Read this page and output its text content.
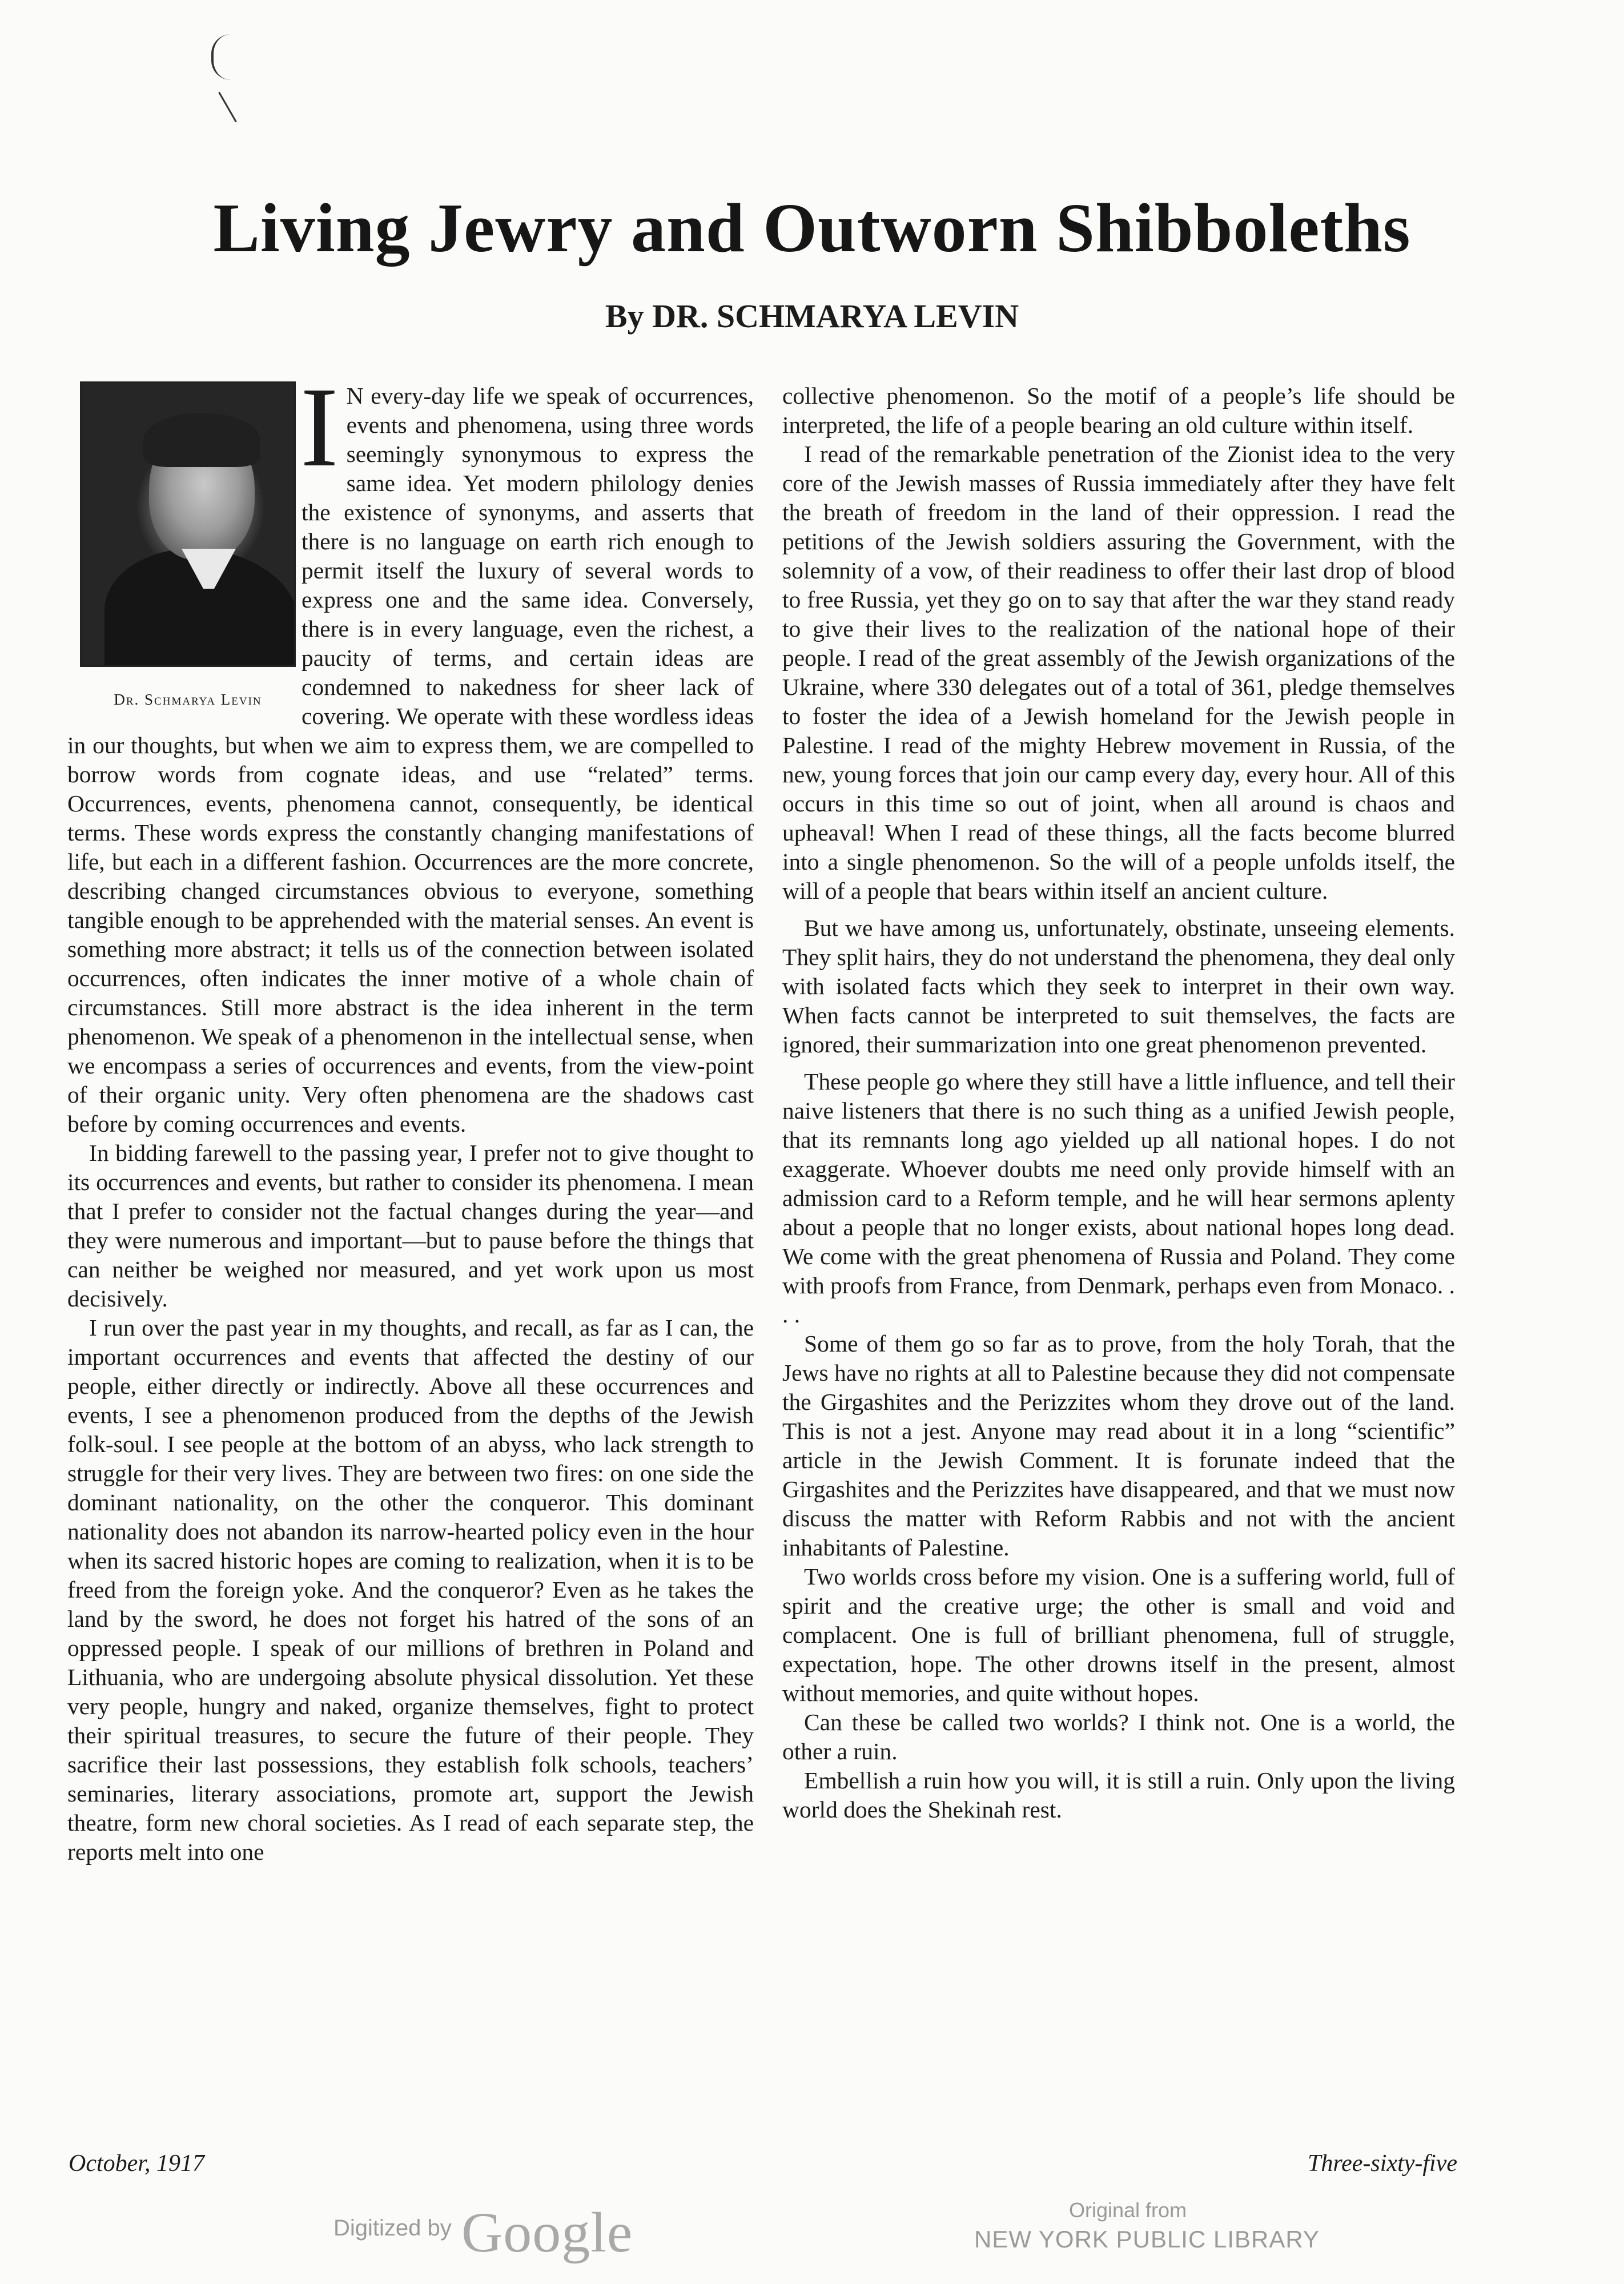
Living Jewry and Outworn Shibboleths
By DR. SCHMARYA LEVIN
Dr. Schmarya Levin

I N every-day life we speak of occurrences, events and phenomena, using three words seemingly synonymous to express the same idea. Yet modern philology denies the existence of synonyms, and asserts that there is no language on earth rich enough to permit itself the luxury of several words to express one and the same idea. Conversely, there is in every language, even the richest, a paucity of terms, and certain ideas are condemned to nakedness for sheer lack of covering. We operate with these wordless ideas in our thoughts, but when we aim to express them, we are compelled to borrow words from cognate ideas, and use “related” terms. Occurrences, events, phenomena cannot, consequently, be identical terms. These words express the constantly changing manifestations of life, but each in a different fashion. Occurrences are the more concrete, describing changed circumstances obvious to everyone, something tangible enough to be apprehended with the material senses. An event is something more abstract; it tells us of the connection between isolated occurrences, often indicates the inner motive of a whole chain of circumstances. Still more abstract is the idea inherent in the term phenomenon. We speak of a phenomenon in the intellectual sense, when we encompass a series of occurrences and events, from the view-point of their organic unity. Very often phenomena are the shadows cast before by coming occurrences and events.

In bidding farewell to the passing year, I prefer not to give thought to its occurrences and events, but rather to consider its phenomena. I mean that I prefer to consider not the factual changes during the year—and they were numerous and important—but to pause before the things that can neither be weighed nor measured, and yet work upon us most decisively.

I run over the past year in my thoughts, and recall, as far as I can, the important occurrences and events that affected the destiny of our people, either directly or indirectly. Above all these occurrences and events, I see a phenomenon produced from the depths of the Jewish folk-soul. I see people at the bottom of an abyss, who lack strength to struggle for their very lives. They are between two fires: on one side the dominant nationality, on the other the conqueror. This dominant nationality does not abandon its narrow-hearted policy even in the hour when its sacred historic hopes are coming to realization, when it is to be freed from the foreign yoke. And the conqueror? Even as he takes the land by the sword, he does not forget his hatred of the sons of an oppressed people. I speak of our millions of brethren in Poland and Lithuania, who are undergoing absolute physical dissolution. Yet these very people, hungry and naked, organize themselves, fight to protect their spiritual treasures, to secure the future of their people. They sacrifice their last possessions, they establish folk schools, teachers’ seminaries, literary associations, promote art, support the Jewish theatre, form new choral societies. As I read of each separate step, the reports melt into one

collective phenomenon. So the motif of a people’s life should be interpreted, the life of a people bearing an old culture within itself.

I read of the remarkable penetration of the Zionist idea to the very core of the Jewish masses of Russia immediately after they have felt the breath of freedom in the land of their oppression. I read the petitions of the Jewish soldiers assuring the Government, with the solemnity of a vow, of their readiness to offer their last drop of blood to free Russia, yet they go on to say that after the war they stand ready to give their lives to the realization of the national hope of their people. I read of the great assembly of the Jewish organizations of the Ukraine, where 330 delegates out of a total of 361, pledge themselves to foster the idea of a Jewish homeland for the Jewish people in Palestine. I read of the mighty Hebrew movement in Russia, of the new, young forces that join our camp every day, every hour. All of this occurs in this time so out of joint, when all around is chaos and upheaval! When I read of these things, all the facts become blurred into a single phenomenon. So the will of a people unfolds itself, the will of a people that bears within itself an ancient culture.

But we have among us, unfortunately, obstinate, unseeing elements. They split hairs, they do not understand the phenomena, they deal only with isolated facts which they seek to interpret in their own way. When facts cannot be interpreted to suit themselves, the facts are ignored, their summarization into one great phenomenon prevented.

These people go where they still have a little influence, and tell their naive listeners that there is no such thing as a unified Jewish people, that its remnants long ago yielded up all national hopes. I do not exaggerate. Whoever doubts me need only provide himself with an admission card to a Reform temple, and he will hear sermons aplenty about a people that no longer exists, about national hopes long dead. We come with the great phenomena of Russia and Poland. They come with proofs from France, from Denmark, perhaps even from Monaco. . . .

Some of them go so far as to prove, from the holy Torah, that the Jews have no rights at all to Palestine because they did not compensate the Girgashites and the Perizzites whom they drove out of the land. This is not a jest. Anyone may read about it in a long “scientific” article in the Jewish Comment. It is forunate indeed that the Girgashites and the Perizzites have disappeared, and that we must now discuss the matter with Reform Rabbis and not with the ancient inhabitants of Palestine.

Two worlds cross before my vision. One is a suffering world, full of spirit and the creative urge; the other is small and void and complacent. One is full of brilliant phenomena, full of struggle, expectation, hope. The other drowns itself in the present, almost without memories, and quite without hopes.

Can these be called two worlds? I think not. One is a world, the other a ruin.

Embellish a ruin how you will, it is still a ruin. Only upon the living world does the Shekinah rest.

October, 1917	Three-sixty-five
Digitized by Google	Original from
NEW YORK PUBLIC LIBRARY
